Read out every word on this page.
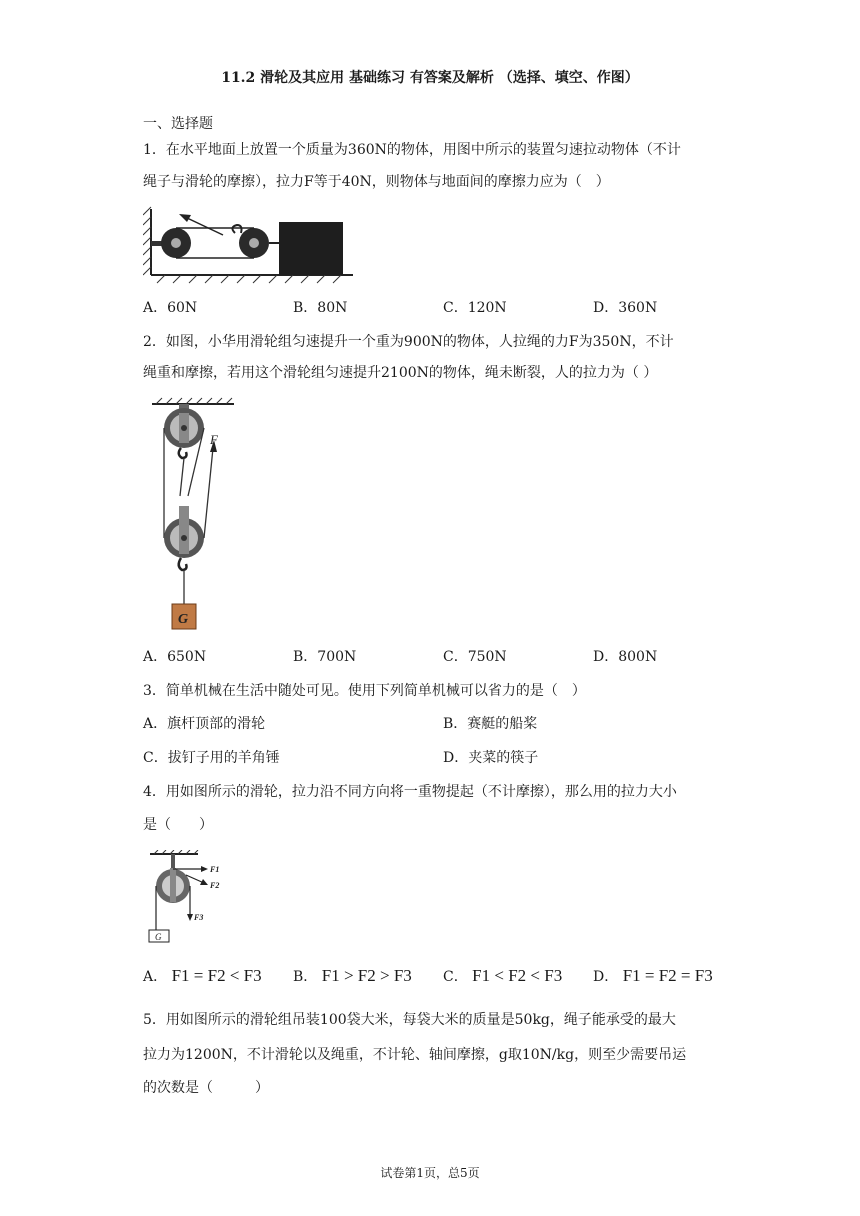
11.2 滑轮及其应用 基础练习 有答案及解析 （选择、填空、作图）
一、选择题
1．在水平地面上放置一个质量为360N的物体，用图中所示的装置匀速拉动物体（不计
绳子与滑轮的摩擦），拉力F等于40N，则物体与地面间的摩擦力应为（　）
A．60N	B．80N	C．120N	D．360N
2．如图，小华用滑轮组匀速提升一个重为900N的物体，人拉绳的力F为350N，不计
绳重和摩擦，若用这个滑轮组匀速提升2100N的物体，绳未断裂，人的拉力为（ ）
G
F
A．650N	B．700N	C．750N	D．800N
3．简单机械在生活中随处可见。使用下列简单机械可以省力的是（　）
A．旗杆顶部的滑轮	B．赛艇的船桨
C．拔钉子用的羊角锤	D．夹菜的筷子
4．用如图所示的滑轮，拉力沿不同方向将一重物提起（不计摩擦），那么用的拉力大小
是（　　）
G
F1
F2
F3
A． F1 = F2 < F3 B． F1 > F2 > F3 C． F1 < F2 < F3 D． F1 = F2 = F3
5．用如图所示的滑轮组吊装100袋大米，每袋大米的质量是50kg，绳子能承受的最大
拉力为1200N，不计滑轮以及绳重，不计轮、轴间摩擦，g取10N/kg，则至少需要吊运
的次数是（　　　）
试卷第1页，总5页
